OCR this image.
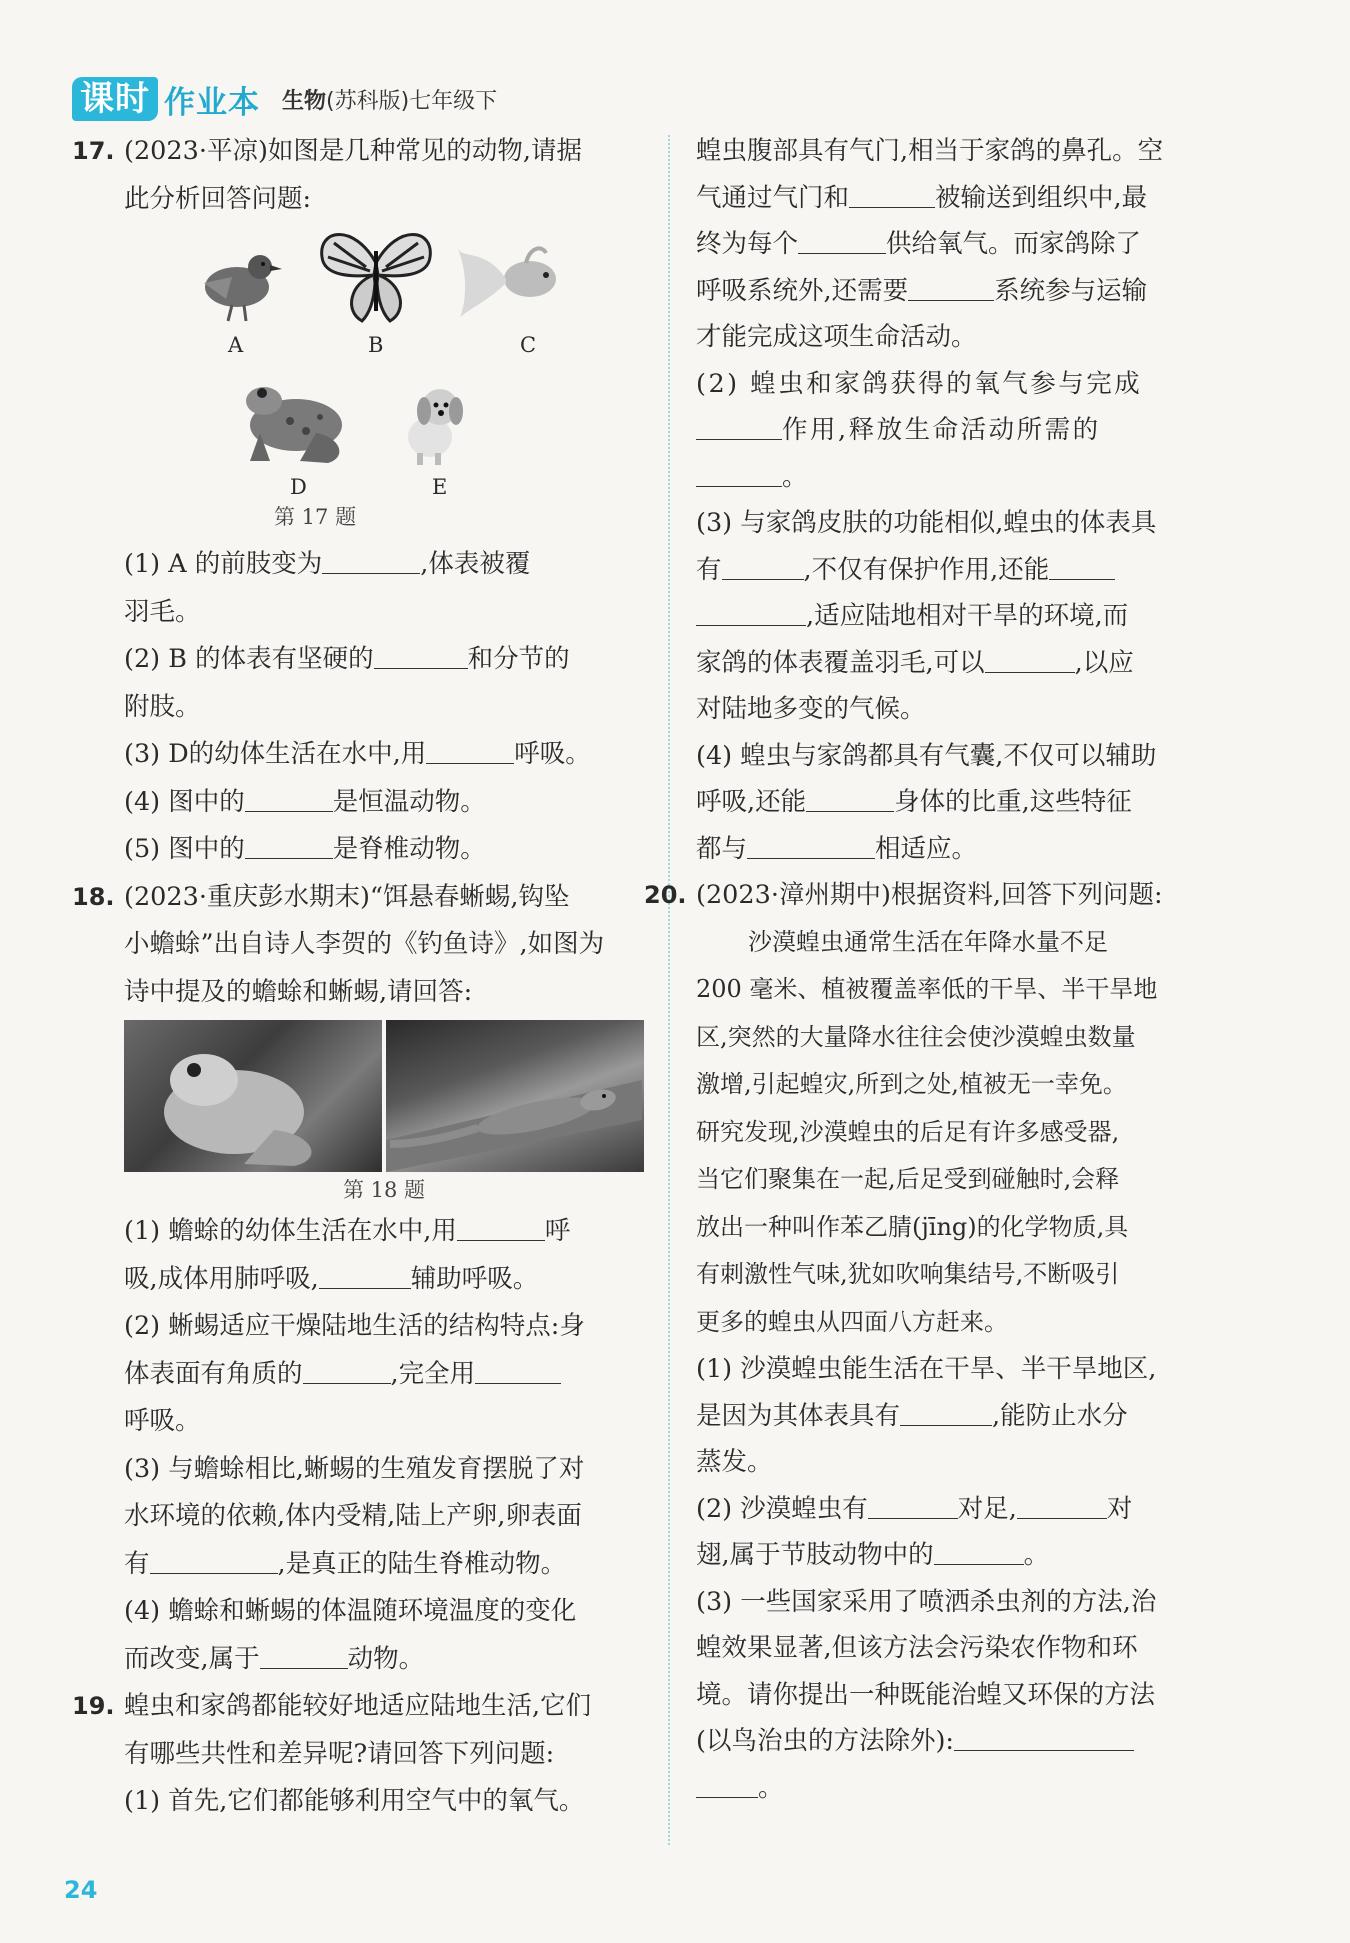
课时 作业本 生物(苏科版)七年级下
17. (2023·平凉)如图是几种常见的动物,请据
此分析回答问题:
A	B	C
D	E
第 17 题
(1) A 的前肢变为	,体表被覆
羽毛。
(2) B 的体表有坚硬的	和分节的
附肢。
(3) D的幼体生活在水中,用	呼吸。
(4) 图中的	是恒温动物。
(5) 图中的	是脊椎动物。
18. (2023·重庆彭水期末)“饵悬春蜥蜴,钩坠
小蟾蜍”出自诗人李贺的《钓鱼诗》,如图为
诗中提及的蟾蜍和蜥蜴,请回答:
第 18 题
(1) 蟾蜍的幼体生活在水中,用	呼
吸,成体用肺呼吸,	辅助呼吸。
(2) 蜥蜴适应干燥陆地生活的结构特点:身
体表面有角质的	,完全用
呼吸。
(3) 与蟾蜍相比,蜥蜴的生殖发育摆脱了对
水环境的依赖,体内受精,陆上产卵,卵表面
有	,是真正的陆生脊椎动物。
(4) 蟾蜍和蜥蜴的体温随环境温度的变化
而改变,属于	动物。
19. 蝗虫和家鸽都能较好地适应陆地生活,它们
有哪些共性和差异呢?请回答下列问题:
(1) 首先,它们都能够利用空气中的氧气。
蝗虫腹部具有气门,相当于家鸽的鼻孔。空
气通过气门和	被输送到组织中,最
终为每个	供给氧气。而家鸽除了
呼吸系统外,还需要	系统参与运输
才能完成这项生命活动。
(2) 蝗虫和家鸽获得的氧气参与完成
作用,释放生命活动所需的
。
(3) 与家鸽皮肤的功能相似,蝗虫的体表具
有	,不仅有保护作用,还能
,适应陆地相对干旱的环境,而
家鸽的体表覆盖羽毛,可以	,以应
对陆地多变的气候。
(4) 蝗虫与家鸽都具有气囊,不仅可以辅助
呼吸,还能	身体的比重,这些特征
都与	相适应。
20. (2023·漳州期中)根据资料,回答下列问题:
沙漠蝗虫通常生活在年降水量不足
200 毫米、植被覆盖率低的干旱、半干旱地
区,突然的大量降水往往会使沙漠蝗虫数量
激增,引起蝗灾,所到之处,植被无一幸免。
研究发现,沙漠蝗虫的后足有许多感受器,
当它们聚集在一起,后足受到碰触时,会释
放出一种叫作苯乙腈(jīng)的化学物质,具
有刺激性气味,犹如吹响集结号,不断吸引
更多的蝗虫从四面八方赶来。
(1) 沙漠蝗虫能生活在干旱、半干旱地区,
是因为其体表具有	,能防止水分
蒸发。
(2) 沙漠蝗虫有	对足,	对
翅,属于节肢动物中的	。
(3) 一些国家采用了喷洒杀虫剂的方法,治
蝗效果显著,但该方法会污染农作物和环
境。请你提出一种既能治蝗又环保的方法
(以鸟治虫的方法除外):
。
24
